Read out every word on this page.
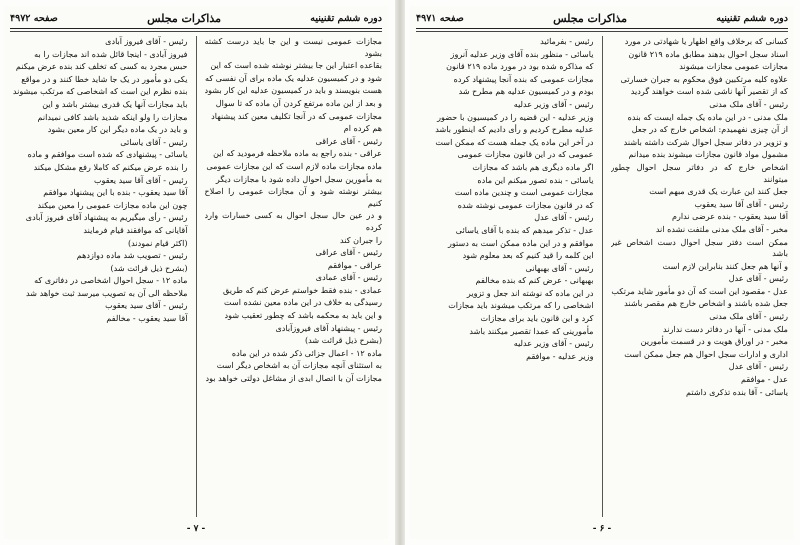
دوره ششم تقنینیه
مذاکرات مجلس
صفحه ۴۹۷۲

مجازات عمومی نیست و این جا باید درست کشته بشود

بقاعده اعتبار این جا بیشتر نوشته شده است که این

شود و در کمیسیون عدلیه یک ماده برای آن نفسی که

هست بنویسند و باید در کمیسیون عدلیه این کار بشود

و بعد از این ماده مرتفع کردن آن ماده که تا سوال

مجازات عمومی که در آنجا تکلیف معین کند پیشنهاد

هم کرده ام

رئیس - آقای عراقی

عراقی - بنده راجع به ماده ملاحظه فرمودید که این

ماده مجازات ماده لازم است که این مجازات عمومی

به مأمورین سجل احوال داده شود با مجازات دیگر

بیشتر نوشته شود و آن مجازات عمومی را اصلاح کنیم

و در عین حال سجل احوال به کسی خسارات وارد کرده

را جبران کند

رئیس - آقای عراقی

عراقی - موافقم

رئیس - آقای عمادی

عمادی - بنده فقط خواستم عرض کنم که طریق

رسیدگی به خلاف در این ماده معین نشده است

و این باید به محکمه باشد که چطور تعقیب شود

رئیس - پیشنهاد آقای فیروزآبادی

(بشرح ذیل قرائت شد)

ماده ۱۲ - اعمال جزائی ذکر شده در این ماده

به استثنای آنچه مجازات آن به اشخاص دیگر است

مجازات آن با اتصال ابدی از مشاغل دولتی خواهد بود

رئیس - آقای فیروز آبادی

فیروز آبادی - اینجا قائل شده اند مجازات را به

حبس مجرد به کسی که تخلف کند بنده عرض میکنم

یکی دو مأمور در یک جا شاید خطا کنند و در مواقع

بنده نظرم این است که اشخاصی که مرتکب میشوند

باید مجازات آنها یک قدری بیشتر باشد و این

مجازات را ولو اینکه شدید باشد کافی نمیدانم

و باید در یک ماده دیگر این کار معین بشود

رئیس - آقای یاسائی

یاسائی - پیشنهادی که شده است موافقم و ماده

را بنده عرض میکنم که کاملا رفع مشکل میکند

رئیس - آقای آقا سید یعقوب

آقا سید یعقوب - بنده با این پیشنهاد موافقم

چون این ماده مجازات عمومی را معین میکند

رئیس - رأی میگیریم به پیشنهاد آقای فیروز آبادی

آقایانی که موافقند قیام فرمایند

(اکثر قیام نمودند)

رئیس - تصویب شد ماده دوازدهم

(بشرح ذیل قرائت شد)

ماده ۱۲ - سجل احوال اشخاصی در دفاتری که

ملاحظه الی آن به تصویب میرسد ثبت خواهد شد

رئیس - آقای سید یعقوب

آقا سید یعقوب - مخالفم

- ۷ -
دوره ششم تقنینیه
مذاکرات مجلس
صفحه ۴۹۷۱

کسانی که برخلاف واقع اظهار یا شهادتی در مورد

اسناد سجل احوال بدهند مطابق ماده ۲۱۹ قانون

مجازات عمومی مجازات میشوند

علاوه کلیه مرتکبین فوق محکوم به جبران خسارتی

که از تقصیر آنها ناشی شده است خواهند گردید

رئیس - آقای ملک مدنی

ملک مدنی - در این ماده یک جمله ایست که بنده

از آن چیزی نفهمیدم: اشخاص خارج که در جعل

و تزویر در دفاتر سجل احوال شرکت داشته باشند

مشمول مواد قانون مجازات میشوند بنده میدانم

اشخاص خارج که در دفاتر سجل احوال چطور میتوانند

جعل کنند این عبارت یک قدری مبهم است

رئیس - آقای آقا سید یعقوب

آقا سید یعقوب - بنده عرضی ندارم

مخبر - آقای ملک مدنی ملتفت نشده اند

ممکن است دفتر سجل احوال دست اشخاص غیر باشد

و آنها هم جعل کنند بنابراین لازم است

رئیس - آقای عدل

عدل - مقصود این است که آن دو مأمور شاید مرتکب

جعل شده باشند و اشخاص خارج هم مقصر باشند

رئیس - آقای ملک مدنی

ملک مدنی - آنها در دفاتر دست ندارند

مخبر - در اوراق هویت و در قسمت مأمورین

اداری و ادارات سجل احوال هم جعل ممکن است

رئیس - آقای عدل

عدل - موافقم

یاسائی - آقا بنده تذکری داشتم

رئیس - بفرمائید

یاسائی - منظور بنده آقای وزیر عدلیه آنروز

که مذاکره شده بود در مورد ماده ۲۱۹ قانون

مجازات عمومی که بنده آنجا پیشنهاد کرده

بودم و در کمیسیون عدلیه هم مطرح شد

رئیس - آقای وزیر عدلیه

وزیر عدلیه - این قضیه را در کمیسیون با حضور

عدلیه مطرح کردیم و رأی دادیم که اینطور باشد

در آخر این ماده یک جمله هست که ممکن است

عمومی که در این قانون مجازات عمومی

اگر ماده دیگری هم باشد که مجازات

یاسائی - بنده تصور میکنم این ماده

مجازات عمومی است و چندین ماده است

که در قانون مجازات عمومی نوشته شده

رئیس - آقای عدل

عدل - تذکر میدهم که بنده با آقای یاسائی

موافقم و در این ماده ممکن است به دستور

این کلمه را قید کنیم که بعد معلوم شود

رئیس - آقای بهبهانی

بهبهانی - عرض کنم که بنده مخالفم

در این ماده که نوشته اند جعل و تزویر

اشخاصی را که مرتکب میشوند باید مجازات

کرد و این قانون باید برای مجازات

مأمورینی که عمدا تقصیر میکنند باشد

رئیس - آقای وزیر عدلیه

وزیر عدلیه - موافقم

- ۶ -
